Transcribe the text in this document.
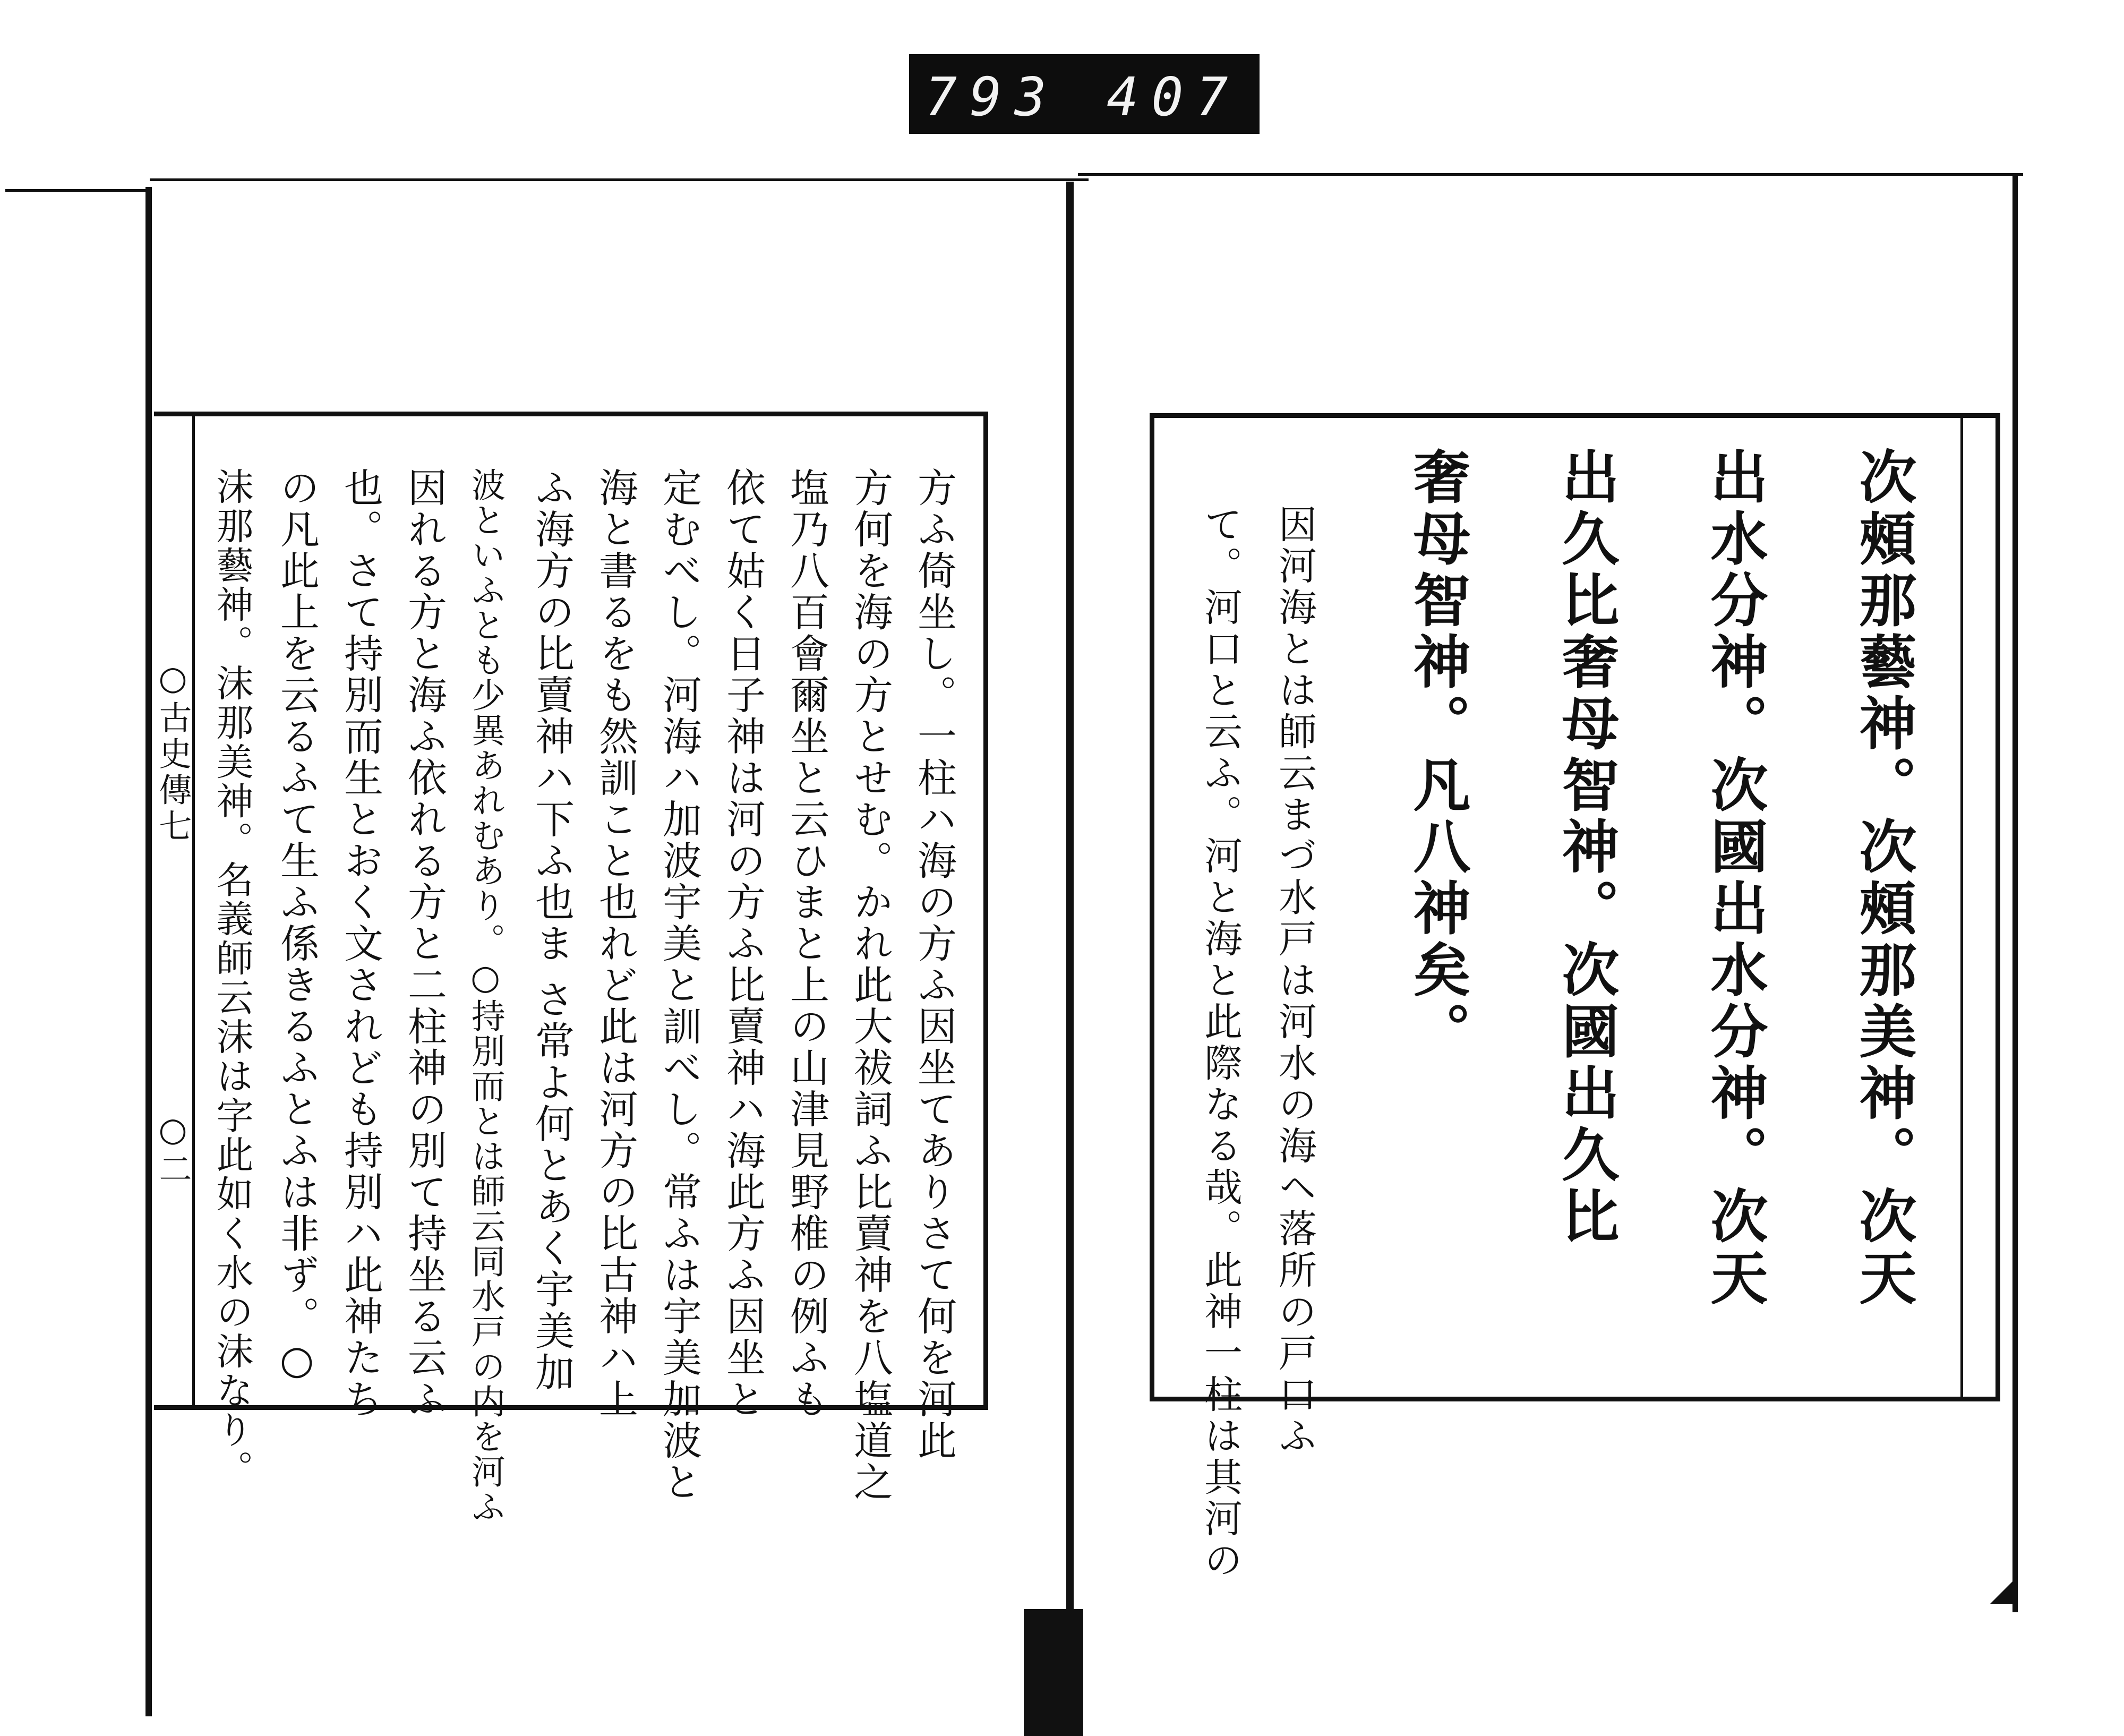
793 407
次頰那藝神。次頰那美神。次天
出水分神。次國出水分神。次天
出久比奢母智神。次國出久比
奢母智神。凡八神矣。
因河海とは師云まづ水戸は河水の海ヘ落所の戸口ふ
て。河口と云ふ。河と海と此際なる哉。此神一柱は其河の
方ふ倚坐し。一柱ハ海の方ふ因坐てありさて何を河此
方何を海の方とせむ。かれ此大祓詞ふ比賣神を八塩道之
塩乃八百會爾坐と云ひまと上の山津見野椎の例ふも
依て姑く日子神は河の方ふ比賣神ハ海此方ふ因坐と
定むべし。河海ハ加波宇美と訓べし。常ふは宇美加波と
海と書るをも然訓こと也れど此は河方の比古神ハ上
ふ海方の比賣神ハ下ふ也ま さ常よ何とあく宇美加
波といふとも少異あれむあり。○持別而とは師云同水戸の内を河ふ
因れる方と海ふ依れる方と二柱神の別て持坐る云ふ
也。さて持別而生とおく文されども持別ハ此神たち
の凡此上を云るふて生ふ係きるふとふは非ず。○
沫那藝神。沫那美神。名義師云沫は字此如く水の沫なり。
○古史傳七
○二
